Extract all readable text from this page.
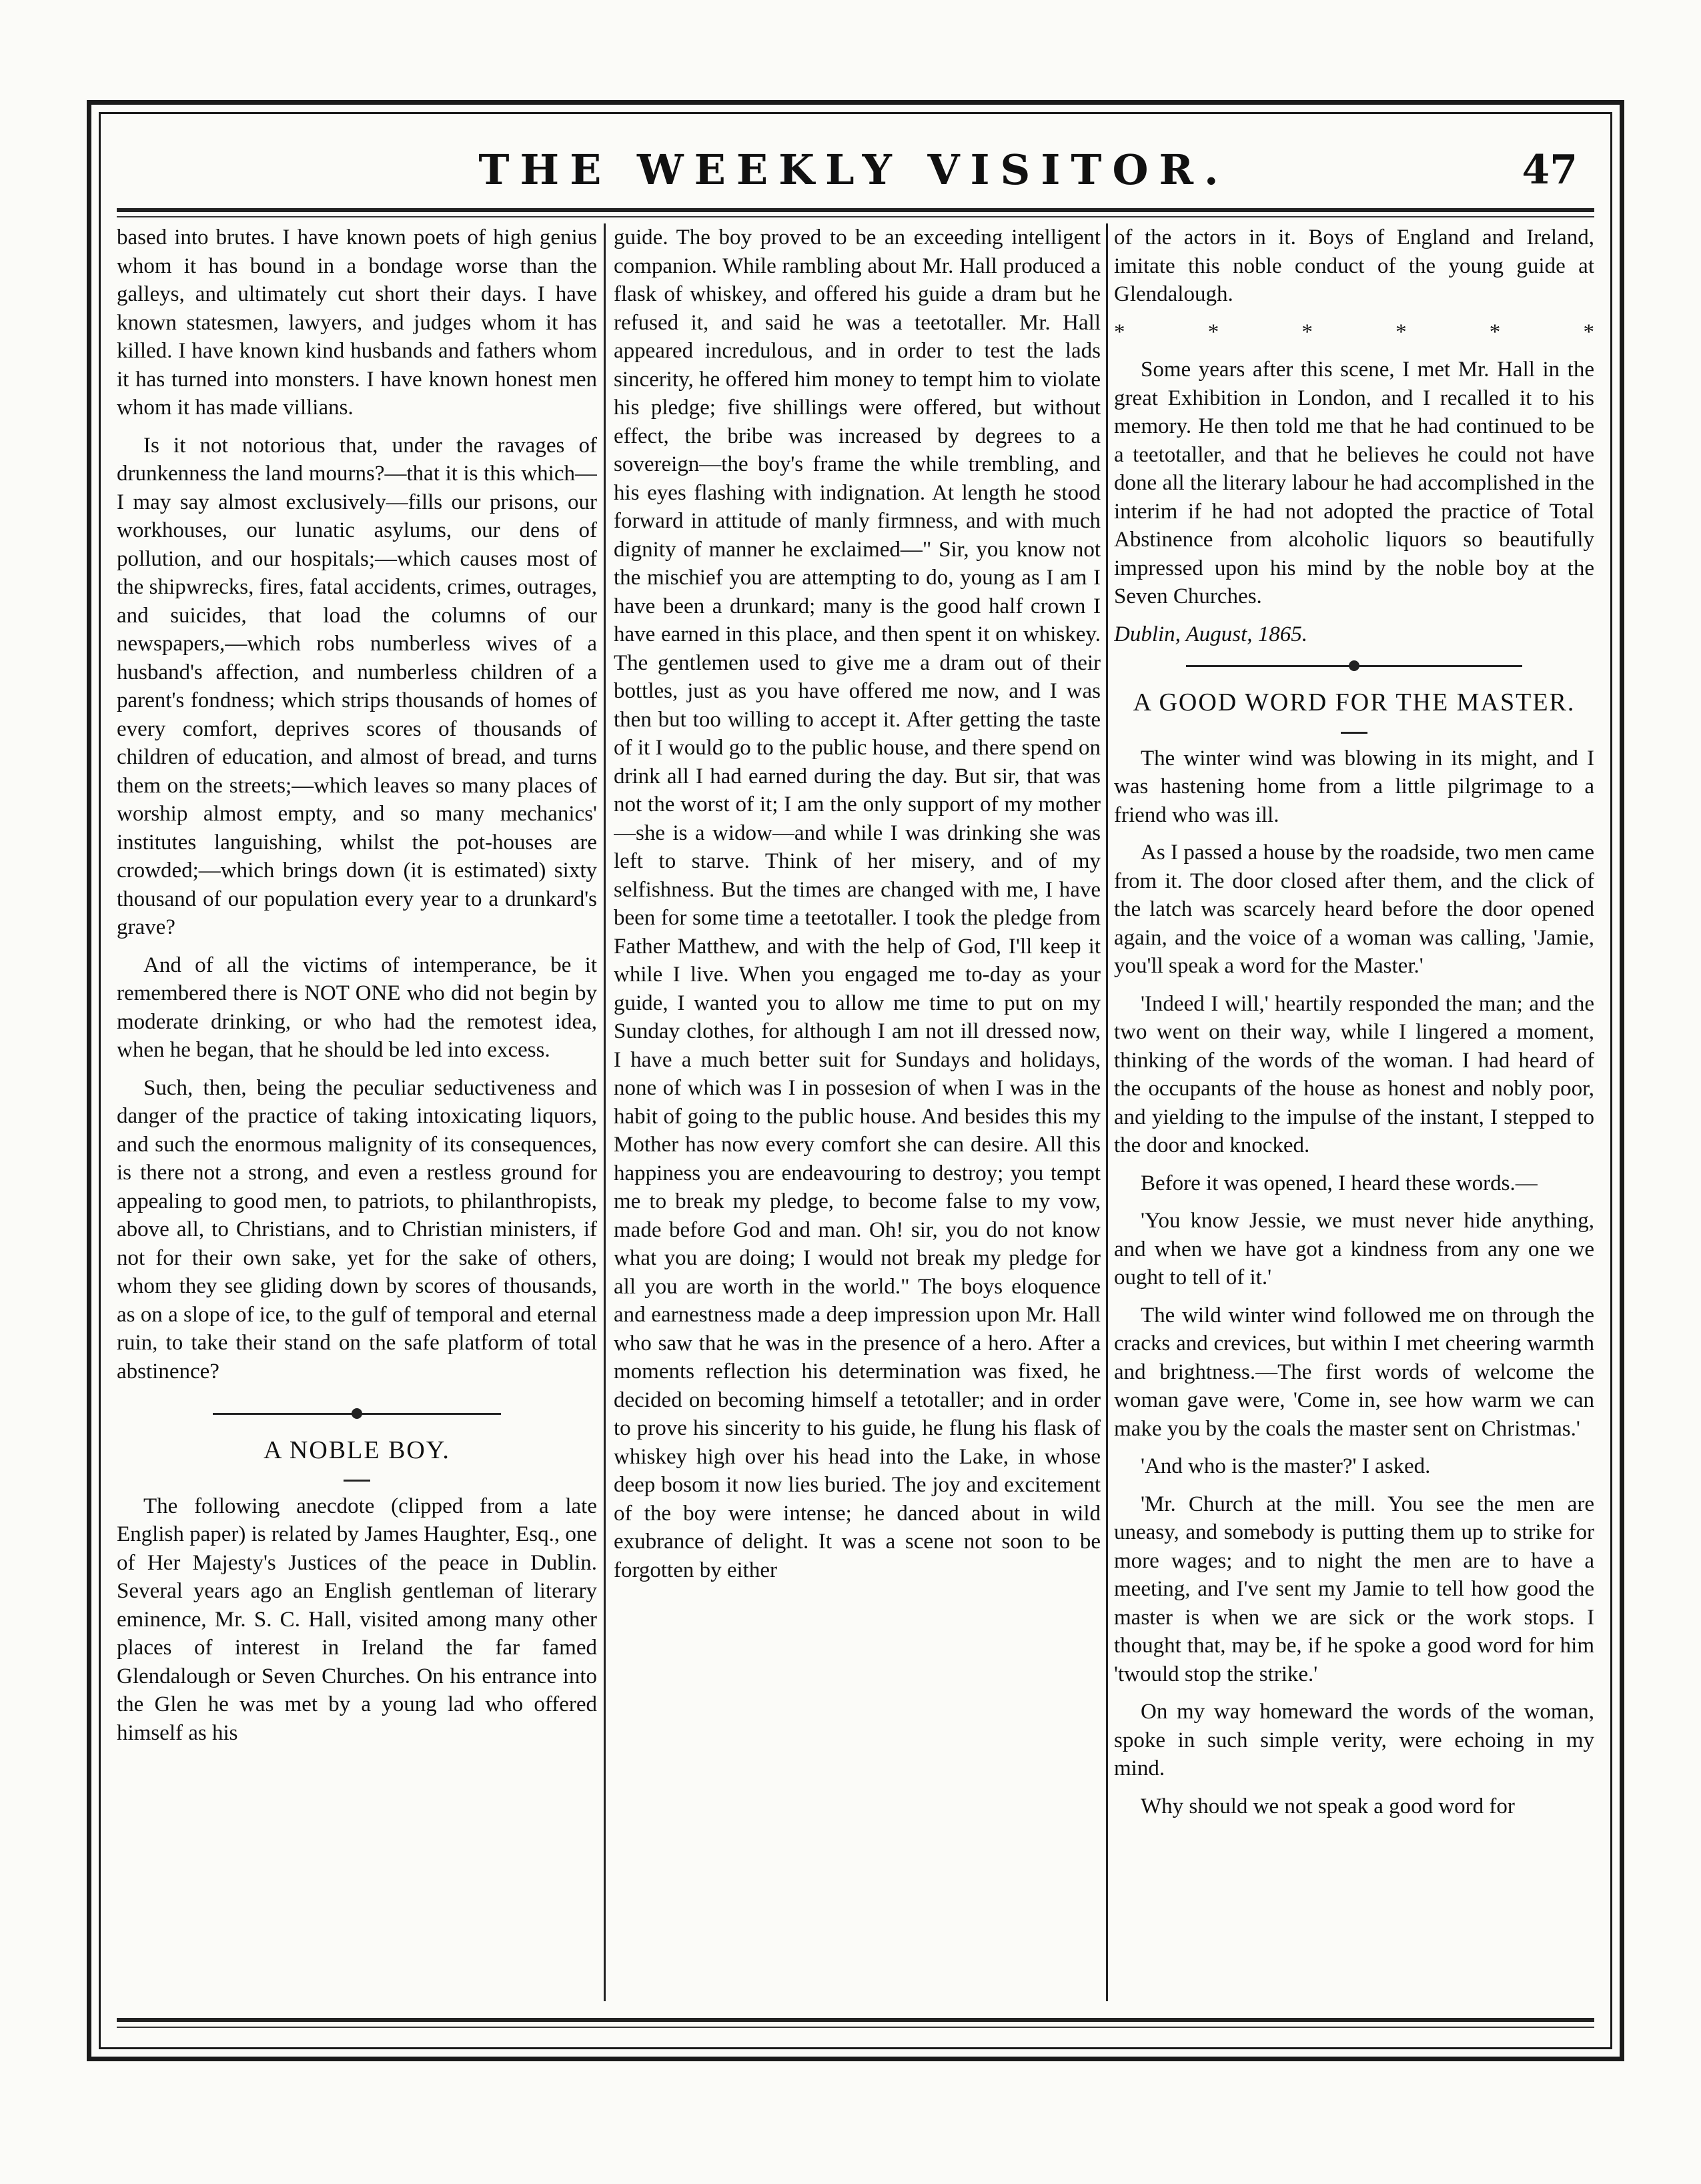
THE WEEKLY VISITOR.	47

based into brutes. I have known poets of high genius whom it has bound in a bondage worse than the galleys, and ultimately cut short their days. I have known statesmen, lawyers, and judges whom it has killed. I have known kind husbands and fathers whom it has turned into monsters. I have known honest men whom it has made villians.

Is it not notorious that, under the ravages of drunkenness the land mourns?—that it is this which—I may say almost exclusively—fills our prisons, our workhouses, our lunatic asylums, our dens of pollution, and our hospitals;—which causes most of the shipwrecks, fires, fatal accidents, crimes, outrages, and suicides, that load the columns of our newspapers,—which robs numberless wives of a husband's affection, and numberless children of a parent's fondness; which strips thousands of homes of every comfort, deprives scores of thousands of children of education, and almost of bread, and turns them on the streets;—which leaves so many places of worship almost empty, and so many mechanics' institutes languishing, whilst the pot-houses are crowded;—which brings down (it is estimated) sixty thousand of our population every year to a drunkard's grave?

And of all the victims of intemperance, be it remembered there is NOT ONE who did not begin by moderate drinking, or who had the remotest idea, when he began, that he should be led into excess.

Such, then, being the peculiar seductiveness and danger of the practice of taking intoxicating liquors, and such the enormous malignity of its consequences, is there not a strong, and even a restless ground for appealing to good men, to patriots, to philanthropists, above all, to Christians, and to Christian ministers, if not for their own sake, yet for the sake of others, whom they see gliding down by scores of thousands, as on a slope of ice, to the gulf of temporal and eternal ruin, to take their stand on the safe platform of total abstinence?

A NOBLE BOY.

The following anecdote (clipped from a late English paper) is related by James Haughter, Esq., one of Her Majesty's Justices of the peace in Dublin. Several years ago an English gentleman of literary eminence, Mr. S. C. Hall, visited among many other places of interest in Ireland the far famed Glendalough or Seven Churches. On his entrance into the Glen he was met by a young lad who offered himself as his

guide. The boy proved to be an exceeding intelligent companion. While rambling about Mr. Hall produced a flask of whiskey, and offered his guide a dram but he refused it, and said he was a teetotaller. Mr. Hall appeared incredulous, and in order to test the lads sincerity, he offered him money to tempt him to violate his pledge; five shillings were offered, but without effect, the bribe was increased by degrees to a sovereign—the boy's frame the while trembling, and his eyes flashing with indignation. At length he stood forward in attitude of manly firmness, and with much dignity of manner he exclaimed—" Sir, you know not the mischief you are attempting to do, young as I am I have been a drunkard; many is the good half crown I have earned in this place, and then spent it on whiskey. The gentlemen used to give me a dram out of their bottles, just as you have offered me now, and I was then but too willing to accept it. After getting the taste of it I would go to the public house, and there spend on drink all I had earned during the day. But sir, that was not the worst of it; I am the only support of my mother—she is a widow—and while I was drinking she was left to starve. Think of her misery, and of my selfishness. But the times are changed with me, I have been for some time a teetotaller. I took the pledge from Father Matthew, and with the help of God, I'll keep it while I live. When you engaged me to-day as your guide, I wanted you to allow me time to put on my Sunday clothes, for although I am not ill dressed now, I have a much better suit for Sundays and holidays, none of which was I in possesion of when I was in the habit of going to the public house. And besides this my Mother has now every comfort she can desire. All this happiness you are endeavouring to destroy; you tempt me to break my pledge, to become false to my vow, made before God and man. Oh! sir, you do not know what you are doing; I would not break my pledge for all you are worth in the world." The boys eloquence and earnestness made a deep impression upon Mr. Hall who saw that he was in the presence of a hero. After a moments reflection his determination was fixed, he decided on becoming himself a tetotaller; and in order to prove his sincerity to his guide, he flung his flask of whiskey high over his head into the Lake, in whose deep bosom it now lies buried. The joy and excitement of the boy were intense; he danced about in wild exubrance of delight. It was a scene not soon to be forgotten by either

of the actors in it. Boys of England and Ireland, imitate this noble conduct of the young guide at Glendalough.

*	*	*	*	*	*

Some years after this scene, I met Mr. Hall in the great Exhibition in London, and I recalled it to his memory. He then told me that he had continued to be a teetotaller, and that he believes he could not have done all the literary labour he had accomplished in the interim if he had not adopted the practice of Total Abstinence from alcoholic liquors so beautifully impressed upon his mind by the noble boy at the Seven Churches.

Dublin, August, 1865.

A GOOD WORD FOR THE MASTER.

The winter wind was blowing in its might, and I was hastening home from a little pilgrimage to a friend who was ill.

As I passed a house by the roadside, two men came from it. The door closed after them, and the click of the latch was scarcely heard before the door opened again, and the voice of a woman was calling, 'Jamie, you'll speak a word for the Master.'

'Indeed I will,' heartily responded the man; and the two went on their way, while I lingered a moment, thinking of the words of the woman. I had heard of the occupants of the house as honest and nobly poor, and yielding to the impulse of the instant, I stepped to the door and knocked.

Before it was opened, I heard these words.—

'You know Jessie, we must never hide anything, and when we have got a kindness from any one we ought to tell of it.'

The wild winter wind followed me on through the cracks and crevices, but within I met cheering warmth and brightness.—The first words of welcome the woman gave were, 'Come in, see how warm we can make you by the coals the master sent on Christmas.'

'And who is the master?' I asked.

'Mr. Church at the mill. You see the men are uneasy, and somebody is putting them up to strike for more wages; and to night the men are to have a meeting, and I've sent my Jamie to tell how good the master is when we are sick or the work stops. I thought that, may be, if he spoke a good word for him 'twould stop the strike.'

On my way homeward the words of the woman, spoke in such simple verity, were echoing in my mind.

Why should we not speak a good word for
